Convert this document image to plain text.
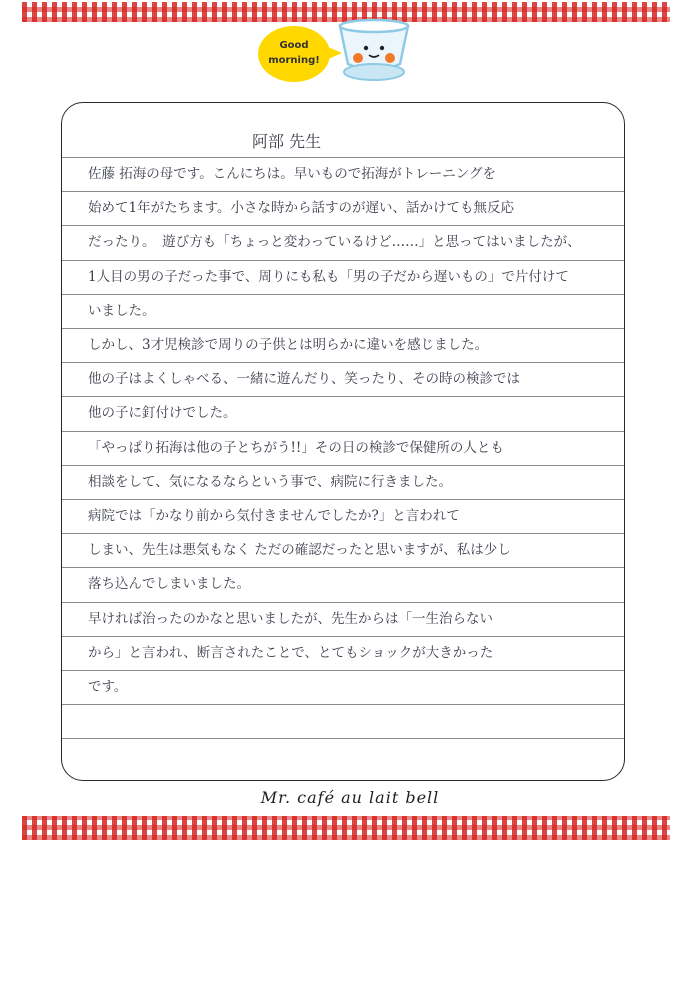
Good morning!
阿部 先生
佐藤 拓海の母です。こんにちは。早いもので拓海がトレーニングを
始めて1年がたちます。小さな時から話すのが遅い、話かけても無反応
だったり。　遊び方も「ちょっと変わっているけど……」と思ってはいましたが、
1人目の男の子だった事で、周りにも私も「男の子だから遅いもの」で片付けて
いました。
しかし、3才児検診で周りの子供とは明らかに違いを感じました。
他の子はよくしゃべる、一緒に遊んだり、笑ったり、その時の検診では
他の子に釘付けでした。
「やっぱり拓海は他の子とちがう!!」その日の検診で保健所の人とも
相談をして、気になるならという事で、病院に行きました。
病院では「かなり前から気付きませんでしたか?」と言われて
しまい、先生は悪気もなく ただの確認だったと思いますが、私は少し
落ち込んでしまいました。
早ければ治ったのかなと思いましたが、先生からは「一生治らない
から」と言われ、断言されたことで、とてもショックが大きかった
です。
Mr. café au lait bell
